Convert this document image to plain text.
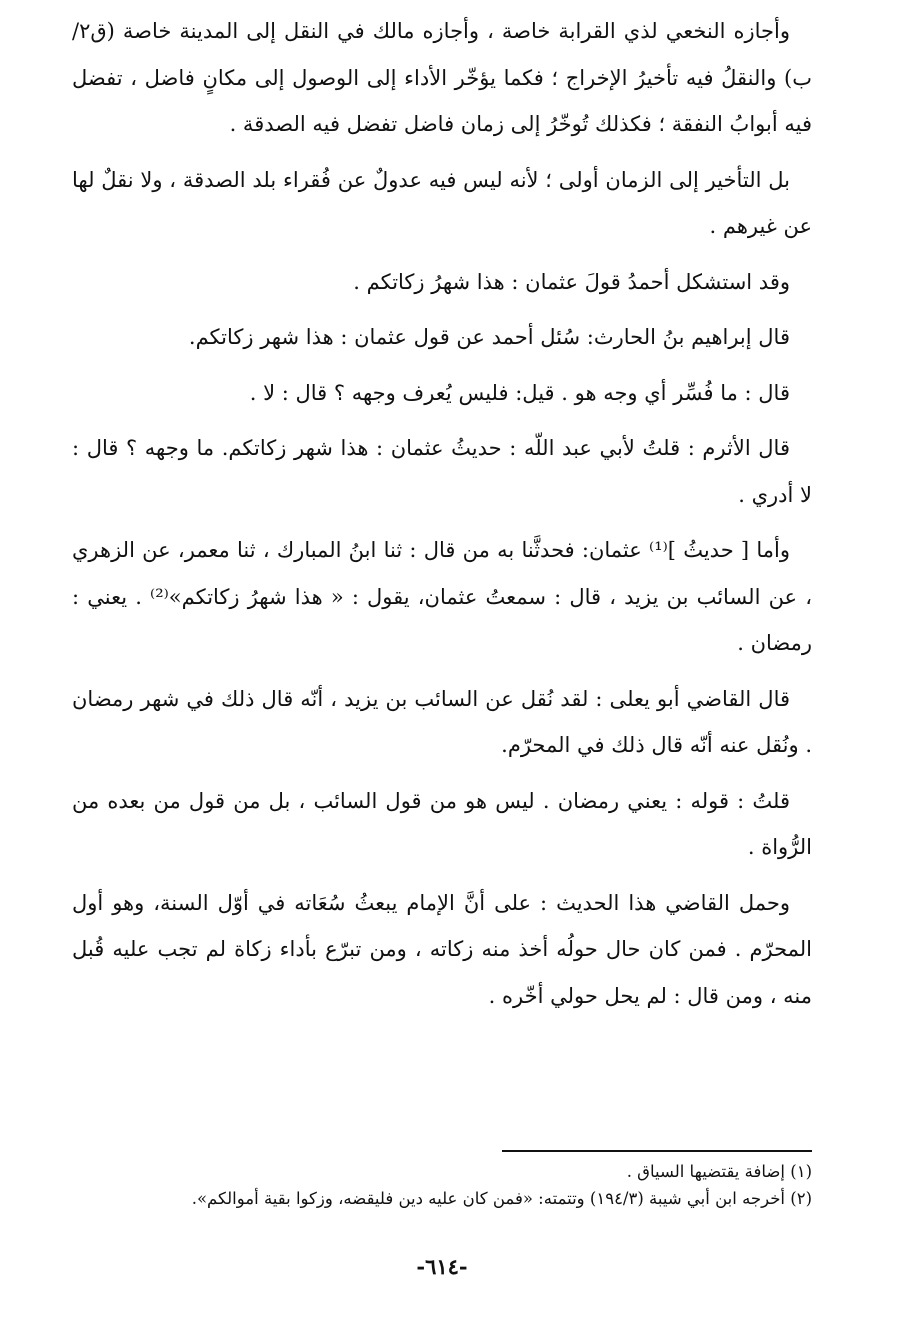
وأجازه النخعي لذي القرابة خاصة ، وأجازه مالك في النقل إلى المدينة خاصة (ق٢/ب) والنقلُ فيه تأخيرُ الإخراج ؛ فكما يؤخّر الأداء إلى الوصول إلى مكانٍ فاضل ، تفضل فيه أبوابُ النفقة ؛ فكذلك تُوخّرُ إلى زمان فاضل تفضل فيه الصدقة .

بل التأخير إلى الزمان أولى ؛ لأنه ليس فيه عدولٌ عن فُقراء بلد الصدقة ، ولا نقلٌ لها عن غيرهم .

وقد استشكل أحمدُ قولَ عثمان : هذا شهرُ زكاتكم .

قال إبراهيم بنُ الحارث: سُئل أحمد عن قول عثمان : هذا شهر زكاتكم.

قال : ما فُسِّر أي وجه هو . قيل: فليس يُعرف وجهه ؟ قال : لا .

قال الأثرم : قلتُ لأبي عبد اللّه : حديثُ عثمان : هذا شهر زكاتكم. ما وجهه ؟ قال : لا أدري .

وأما [ حديثُ ]⁽¹⁾ عثمان: فحدثَّنا به من قال : ثنا ابنُ المبارك ، ثنا معمر، عن الزهري ، عن السائب بن يزيد ، قال : سمعتُ عثمان، يقول : « هذا شهرُ زكاتكم»⁽²⁾ . يعني : رمضان .

قال القاضي أبو يعلى : لقد نُقل عن السائب بن يزيد ، أنّه قال ذلك في شهر رمضان . ونُقل عنه أنّه قال ذلك في المحرّم.

قلتُ : قوله : يعني رمضان . ليس هو من قول السائب ، بل من قول من بعده من الرُّواة .

وحمل القاضي هذا الحديث : على أنَّ الإمام يبعثُ سُعَاته في أوّل السنة، وهو أول المحرّم . فمن كان حال حولُه أخذ منه زكاته ، ومن تبرّع بأداء زكاة لم تجب عليه قُبل منه ، ومن قال : لم يحل حولي أخّره .

(١) إضافة يقتضيها السياق .

(٢) أخرجه ابن أبي شيبة (١٩٤/٣) وتتمته: «فمن كان عليه دين فليقضه، وزكوا بقية أموالكم».

-٦١٤-
